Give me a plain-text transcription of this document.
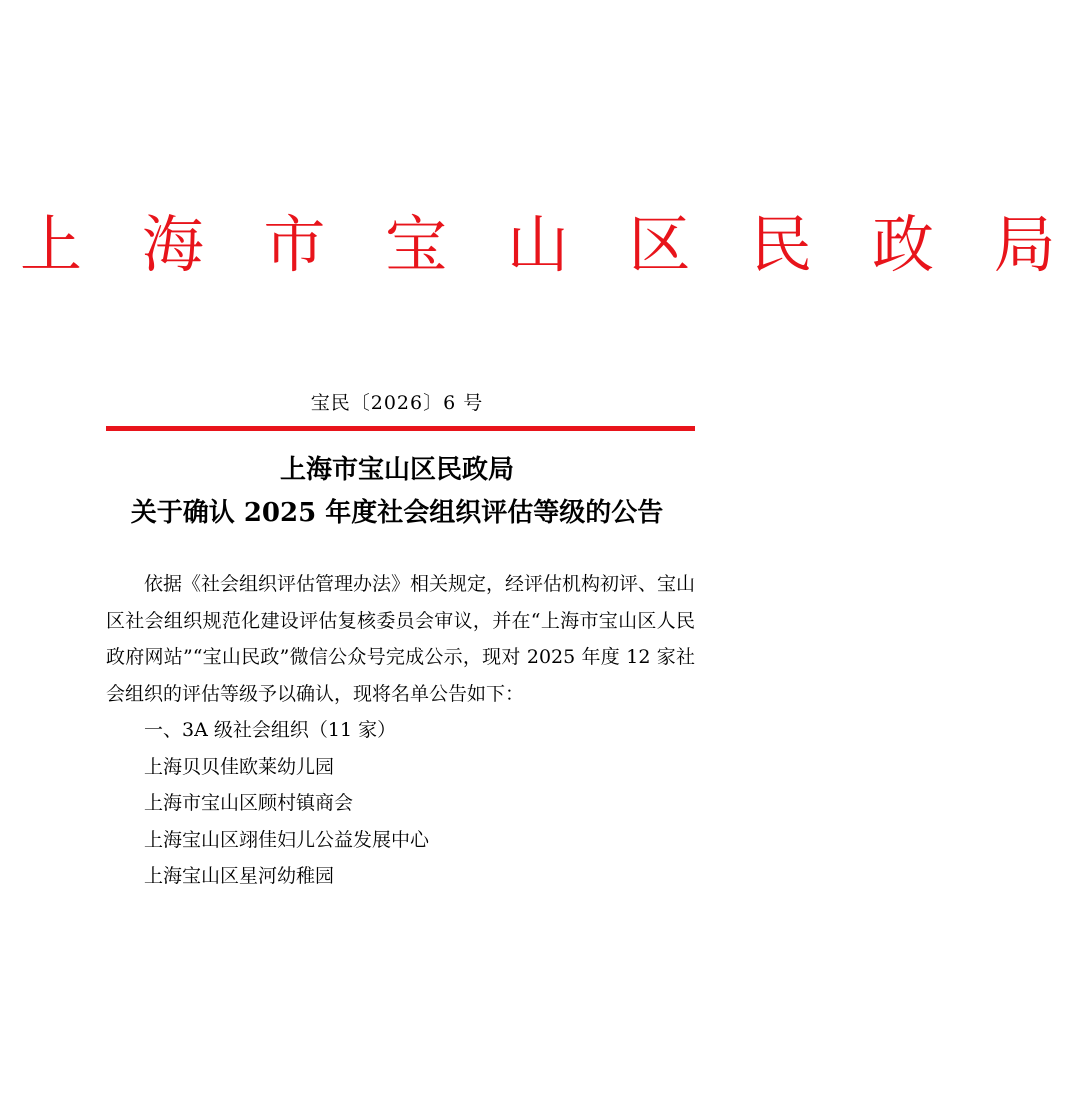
上 海 市 宝 山 区 民 政 局
宝民〔2026〕6 号
上海市宝山区民政局
关于确认 2025 年度社会组织评估等级的公告

依据《社会组织评估管理办法》相关规定，经评估机构初评、宝山区社会组织规范化建设评估复核委员会审议，并在“上海市宝山区人民政府网站”“宝山民政”微信公众号完成公示，现对 2025 年度 12 家社会组织的评估等级予以确认，现将名单公告如下：

一、3A 级社会组织（11 家）

上海贝贝佳欧莱幼儿园

上海市宝山区顾村镇商会

上海宝山区翊佳妇儿公益发展中心

上海宝山区星河幼稚园
